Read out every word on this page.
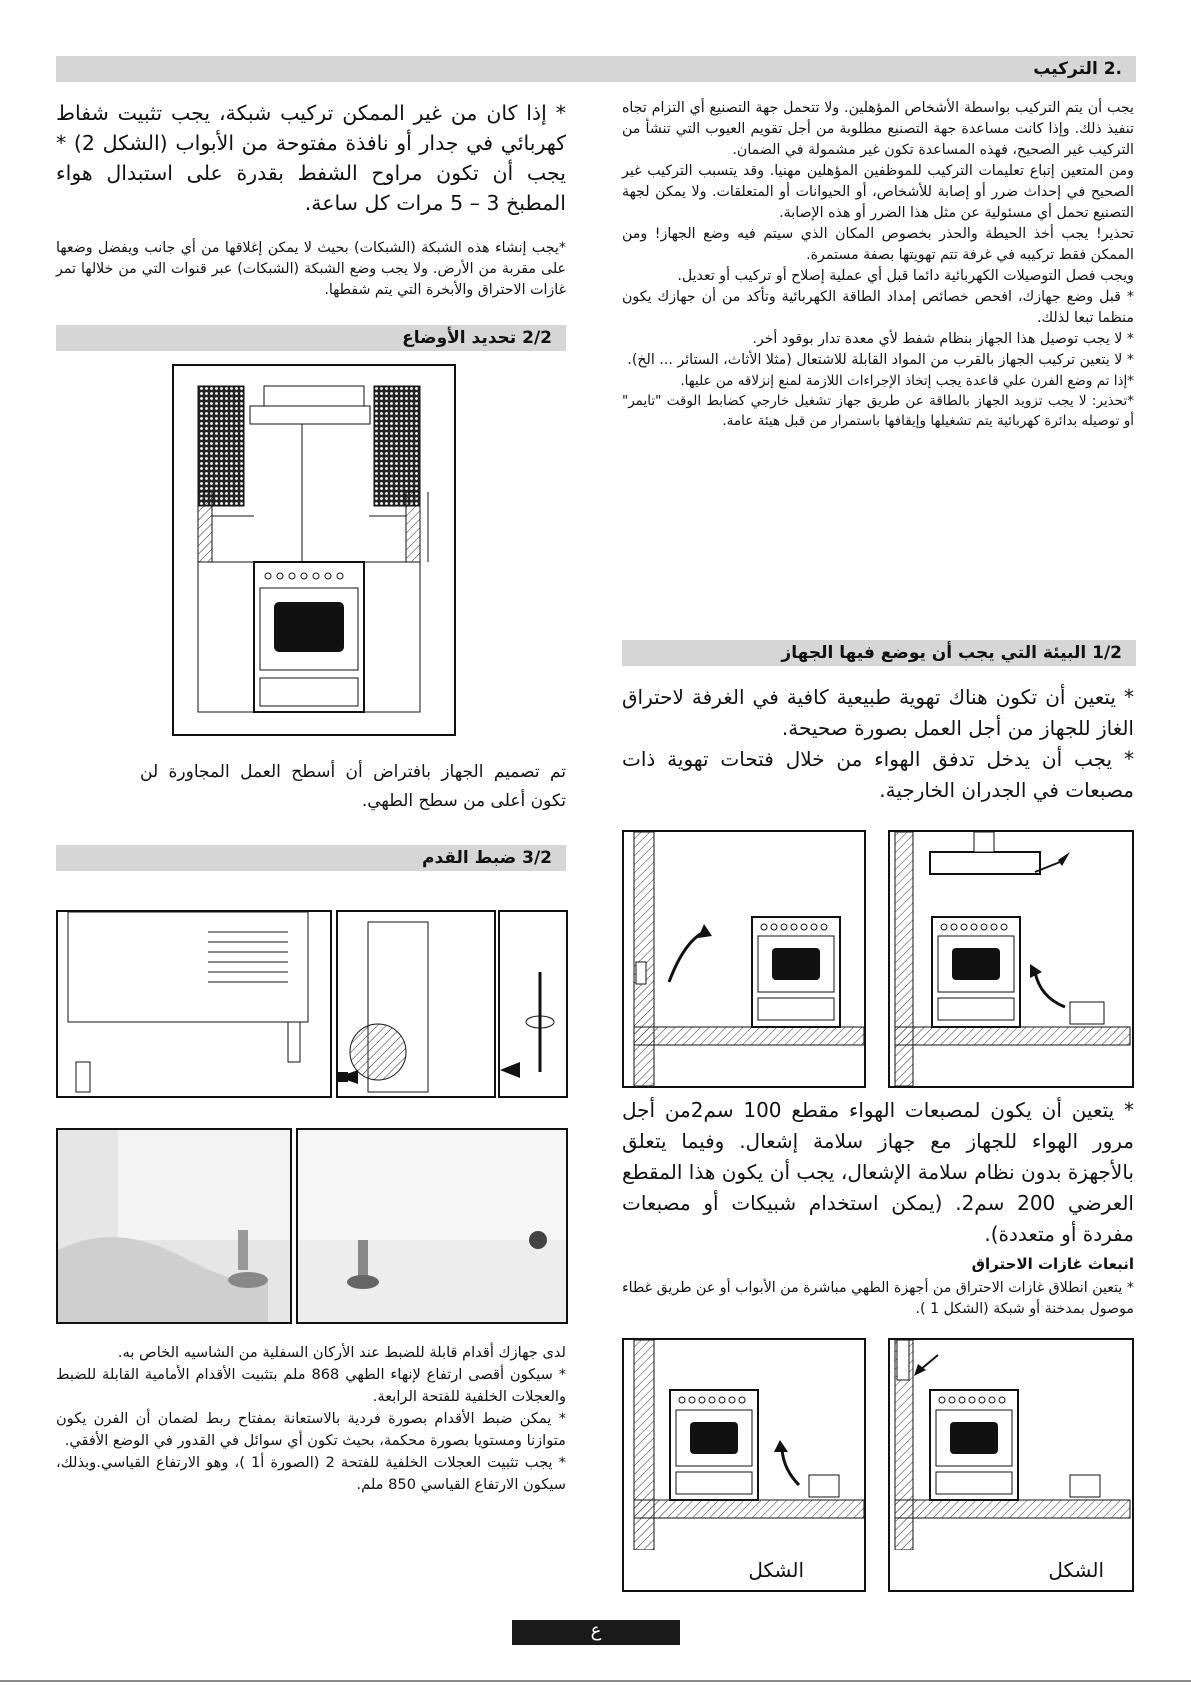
.2 التركيب

يجب أن يتم التركيب بواسطة الأشخاص المؤهلين. ولا تتحمل جهة التصنيع أي التزام تجاه تنفيذ ذلك. وإذا كانت مساعدة جهة التصنيع مطلوبة من أجل تقويم العيوب التي تنشأ من التركيب غير الصحيح، فهذه المساعدة تكون غير مشمولة في الضمان.

ومن المتعين إتباع تعليمات التركيب للموظفين المؤهلين مهنيا. وقد يتسبب التركيب غير الصحيح في إحداث ضرر أو إصابة للأشخاص، أو الحيوانات أو المتعلقات. ولا يمكن لجهة التصنيع تحمل أي مسئولية عن مثل هذا الضرر أو هذه الإصابة.

تحذير! يجب أخذ الحيطة والحذر بخصوص المكان الذي سيتم فيه وضع الجهاز! ومن الممكن فقط تركيبه في غرفة تتم تهويتها بصفة مستمرة.

ويجب فصل التوصيلات الكهربائية دائما قبل أي عملية إصلاح أو تركيب أو تعديل.

* قبل وضع جهازك، افحص خصائص إمداد الطاقة الكهربائية وتأكد من أن جهازك يكون منظما تبعا لذلك.

* لا يجب توصيل هذا الجهاز بنظام شفط لأي معدة تدار بوقود أخر.

* لا يتعين تركيب الجهاز بالقرب من المواد القابلة للاشتعال (مثلا الأثاث، الستائر ... الخ).

*إذا تم وضع الفرن علي قاعدة يجب إتخاذ الإجراءات اللازمة لمنع إنزلاقه من عليها.

*تحذير: لا يجب تزويد الجهاز بالطاقة عن طريق جهاز تشغيل خارجي كضابط الوقت "تايمر" أو توصيله بدائرة كهربائية يتم تشغيلها وإيقافها باستمرار من قبل هيئة عامة.

1/2 البيئة التي يجب أن يوضع فيها الجهاز

* يتعين أن تكون هناك تهوية طبيعية كافية في الغرفة لاحتراق الغاز للجهاز من أجل العمل بصورة صحيحة.

* يجب أن يدخل تدفق الهواء من خلال فتحات تهوية ذات مصبعات في الجدران الخارجية.

* يتعين أن يكون لمصبعات الهواء مقطع 100 سم2من أجل مرور الهواء للجهاز مع جهاز سلامة إشعال. وفيما يتعلق بالأجهزة بدون نظام سلامة الإشعال، يجب أن يكون هذا المقطع العرضي 200 سم2. (يمكن استخدام شبيكات أو مصبعات مفردة أو متعددة).

انبعاث غازات الاحتراق
* يتعين انطلاق غازات الاحتراق من أجهزة الطهي مباشرة من الأبواب أو عن طريق غطاء موصول بمدخنة أو شبكة (الشكل 1 ).
الشكل	الشكل
* إذا كان من غير الممكن تركيب شبكة، يجب تثبيت شفاط كهربائي في جدار أو نافذة مفتوحة من الأبواب (الشكل 2) * يجب أن تكون مراوح الشفط بقدرة على استبدال هواء المطبخ 3 – 5 مرات كل ساعة.
*يجب إنشاء هذه الشبكة (الشبكات) بحيث لا يمكن إغلاقها من أي جانب ويفضل وضعها على مقربة من الأرض. ولا يجب وضع الشبكة (الشبكات) عبر قنوات التي من خلالها تمر غازات الاحتراق والأبخرة التي يتم شفطها.
2/2 تحديد الأوضاع
تم تصميم الجهاز بافتراض أن أسطح العمل المجاورة لن تكون أعلى من سطح الطهي.
3/2 ضبط القدم

لدى جهازك أقدام قابلة للضبط عند الأركان السفلية من الشاسيه الخاص به.

* سيكون أقصى ارتفاع لإنهاء الطهي 868 ملم بتثبيت الأقدام الأمامية القابلة للضبط والعجلات الخلفية للفتحة الرابعة.

* يمكن ضبط الأقدام بصورة فردية بالاستعانة بمفتاح ربط لضمان أن الفرن يكون متوازنا ومستويا بصورة محكمة، بحيث تكون أي سوائل في القدور في الوضع الأفقي.

* يجب تثبيت العجلات الخلفية للفتحة 2 (الصورة أ1 )، وهو الارتفاع القياسي.وبذلك، سيكون الارتفاع القياسي 850 ملم.

ع
